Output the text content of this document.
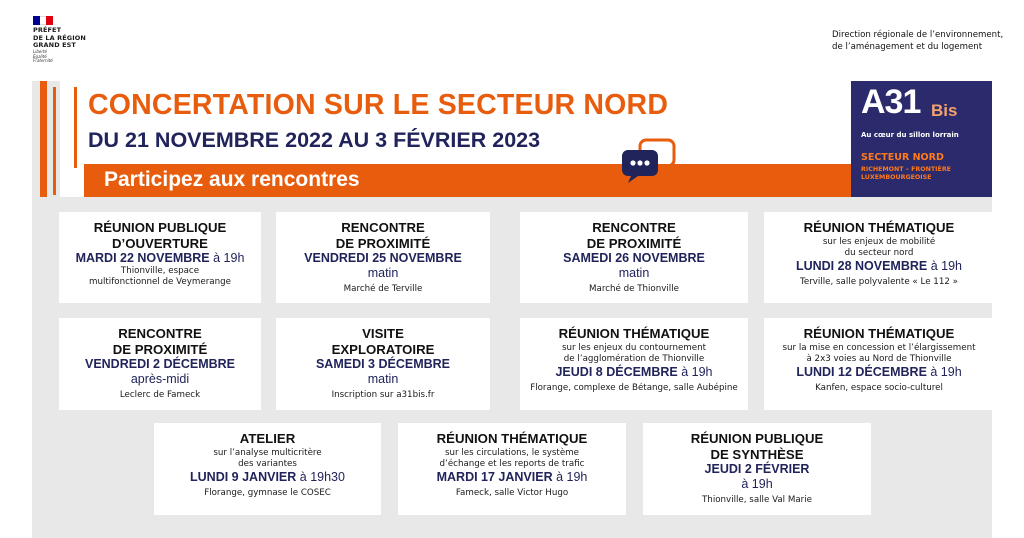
PRÉFET
DE LA RÉGION
GRAND EST
Liberté
Égalité
Fraternité
Direction régionale de l’environnement,
de l’aménagement et du logement
CONCERTATION SUR LE SECTEUR NORD
DU 21 NOVEMBRE 2022 AU 3 FÉVRIER 2023
Participez aux rencontres
A31 Bis
Au cœur du sillon lorrain
SECTEUR NORD
RICHEMONT – FRONTIÈRE LUXEMBOURGEOISE
RÉUNION PUBLIQUE
D’OUVERTURE
MARDI 22 NOVEMBRE à 19h
Thionville, espace
multifonctionnel de Veymerange
RENCONTRE
DE PROXIMITÉ
VENDREDI 25 NOVEMBRE
matin
Marché de Terville
RENCONTRE
DE PROXIMITÉ
SAMEDI 26 NOVEMBRE
matin
Marché de Thionville
RÉUNION THÉMATIQUE
sur les enjeux de mobilité
du secteur nord
LUNDI 28 NOVEMBRE à 19h
Terville, salle polyvalente « Le 112 »
RENCONTRE
DE PROXIMITÉ
VENDREDI 2 DÉCEMBRE
après-midi
Leclerc de Fameck
VISITE
EXPLORATOIRE
SAMEDI 3 DÉCEMBRE
matin
Inscription sur a31bis.fr
RÉUNION THÉMATIQUE
sur les enjeux du contournement
de l’agglomération de Thionville
JEUDI 8 DÉCEMBRE à 19h
Florange, complexe de Bétange, salle Aubépine
RÉUNION THÉMATIQUE
sur la mise en concession et l’élargissement
à 2x3 voies au Nord de Thionville
LUNDI 12 DÉCEMBRE à 19h
Kanfen, espace socio-culturel
ATELIER
sur l’analyse multicritère
des variantes
LUNDI 9 JANVIER à 19h30
Florange, gymnase le COSEC
RÉUNION THÉMATIQUE
sur les circulations, le système
d’échange et les reports de trafic
MARDI 17 JANVIER à 19h
Fameck, salle Victor Hugo
RÉUNION PUBLIQUE
DE SYNTHÈSE
JEUDI 2 FÉVRIER
à 19h
Thionville, salle Val Marie
